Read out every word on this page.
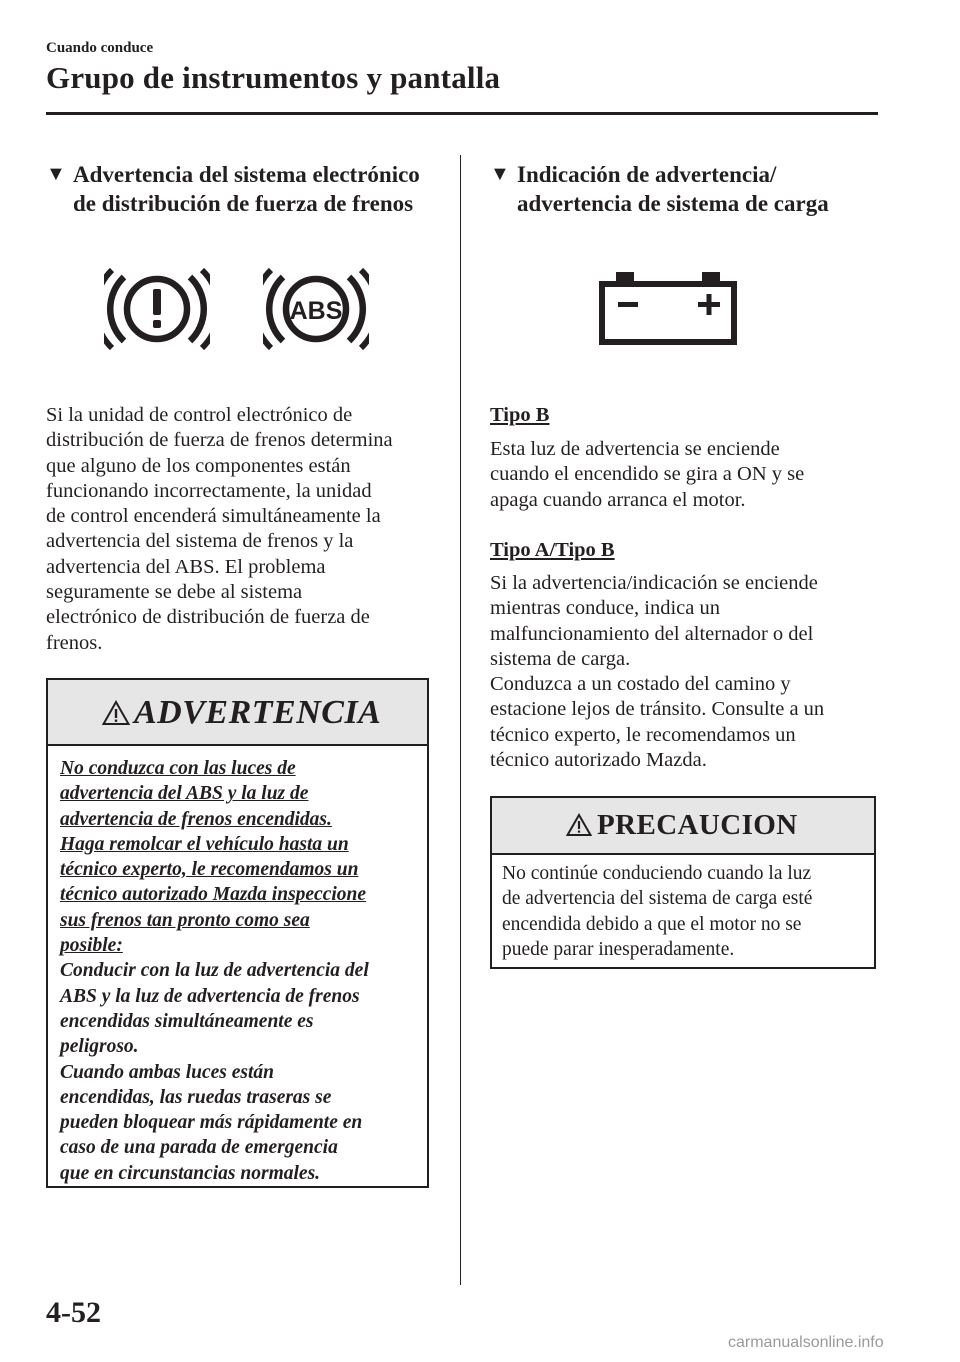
Cuando conduce
Grupo de instrumentos y pantalla
▼ Advertencia del sistema electrónico
de distribución de fuerza de frenos
ABS
Si la unidad de control electrónico de
distribución de fuerza de frenos determina
que alguno de los componentes están
funcionando incorrectamente, la unidad
de control encenderá simultáneamente la
advertencia del sistema de frenos y la
advertencia del ABS. El problema
seguramente se debe al sistema
electrónico de distribución de fuerza de
frenos.
ADVERTENCIA
No conduzca con las luces de
advertencia del ABS y la luz de
advertencia de frenos encendidas.
Haga remolcar el vehículo hasta un
técnico experto, le recomendamos un
técnico autorizado Mazda inspeccione
sus frenos tan pronto como sea
posible:
Conducir con la luz de advertencia del
ABS y la luz de advertencia de frenos
encendidas simultáneamente es
peligroso.
Cuando ambas luces están
encendidas, las ruedas traseras se
pueden bloquear más rápidamente en
caso de una parada de emergencia
que en circunstancias normales.
▼ Indicación de advertencia/
advertencia de sistema de carga
Tipo B
Esta luz de advertencia se enciende
cuando el encendido se gira a ON y se
apaga cuando arranca el motor.
Tipo A/Tipo B
Si la advertencia/indicación se enciende
mientras conduce, indica un
malfuncionamiento del alternador o del
sistema de carga.
Conduzca a un costado del camino y
estacione lejos de tránsito. Consulte a un
técnico experto, le recomendamos un
técnico autorizado Mazda.
PRECAUCION
No continúe conduciendo cuando la luz
de advertencia del sistema de carga esté
encendida debido a que el motor no se
puede parar inesperadamente.
4-52
carmanualsonline.info
